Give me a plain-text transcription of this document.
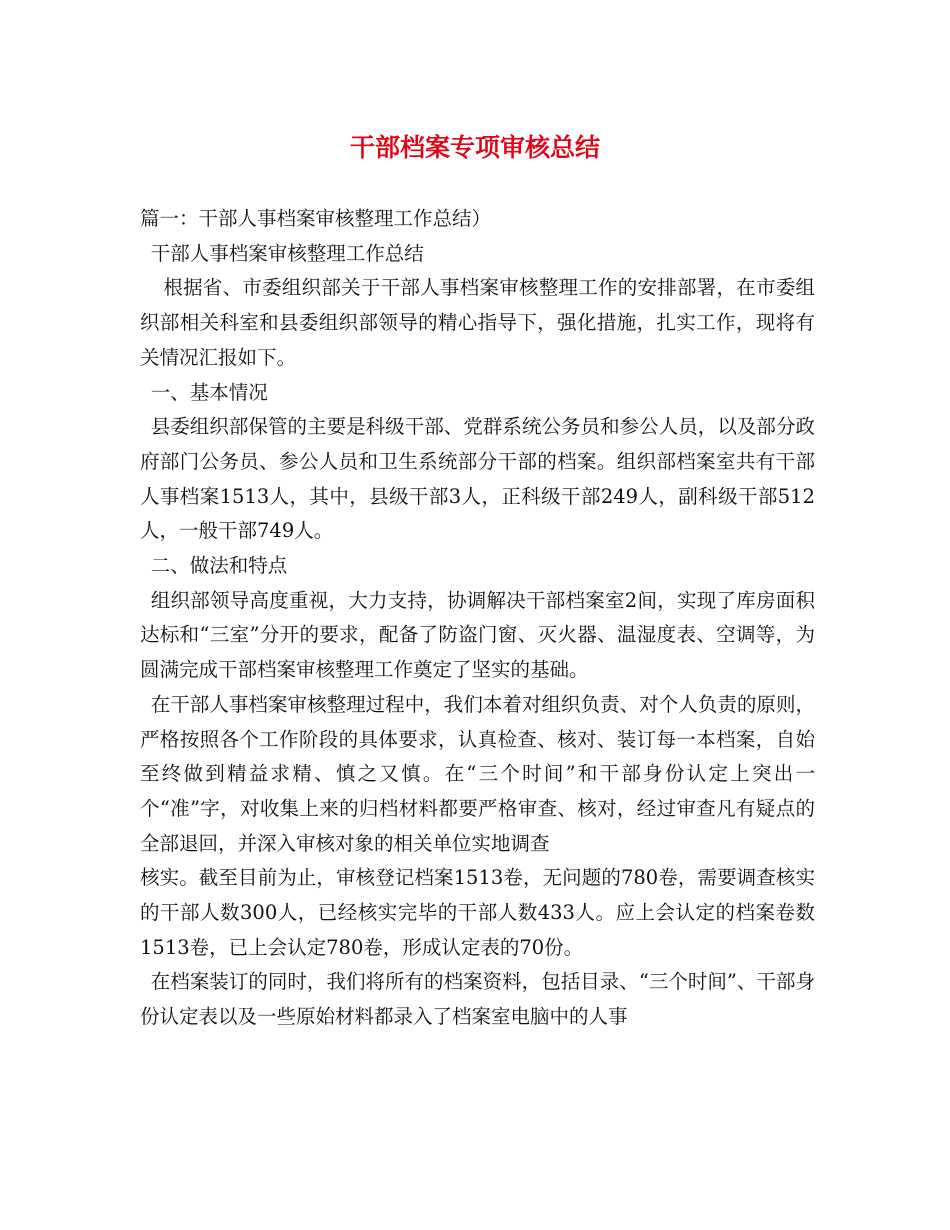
干部档案专项审核总结

篇一：干部人事档案审核整理工作总结）

干部人事档案审核整理工作总结

根据省、市委组织部关于干部人事档案审核整理工作的安排部署，在市委组织部相关科室和县委组织部领导的精心指导下，强化措施，扎实工作，现将有关情况汇报如下。

一、基本情况

县委组织部保管的主要是科级干部、党群系统公务员和参公人员，以及部分政府部门公务员、参公人员和卫生系统部分干部的档案。组织部档案室共有干部人事档案1513人，其中，县级干部3人，正科级干部249人，副科级干部512人，一般干部749人。

二、做法和特点

组织部领导高度重视，大力支持，协调解决干部档案室2间，实现了库房面积达标和“三室”分开的要求，配备了防盗门窗、灭火器、温湿度表、空调等，为圆满完成干部档案审核整理工作奠定了坚实的基础。

在干部人事档案审核整理过程中，我们本着对组织负责、对个人负责的原则，严格按照各个工作阶段的具体要求，认真检查、核对、装订每一本档案，自始至终做到精益求精、慎之又慎。在“三个时间”和干部身份认定上突出一个“准”字，对收集上来的归档材料都要严格审查、核对，经过审查凡有疑点的全部退回，并深入审核对象的相关单位实地调查

核实。截至目前为止，审核登记档案1513卷，无问题的780卷，需要调查核实的干部人数300人，已经核实完毕的干部人数433人。应上会认定的档案卷数1513卷，已上会认定780卷，形成认定表的70份。

在档案装订的同时，我们将所有的档案资料，包括目录、“三个时间”、干部身份认定表以及一些原始材料都录入了档案室电脑中的人事
